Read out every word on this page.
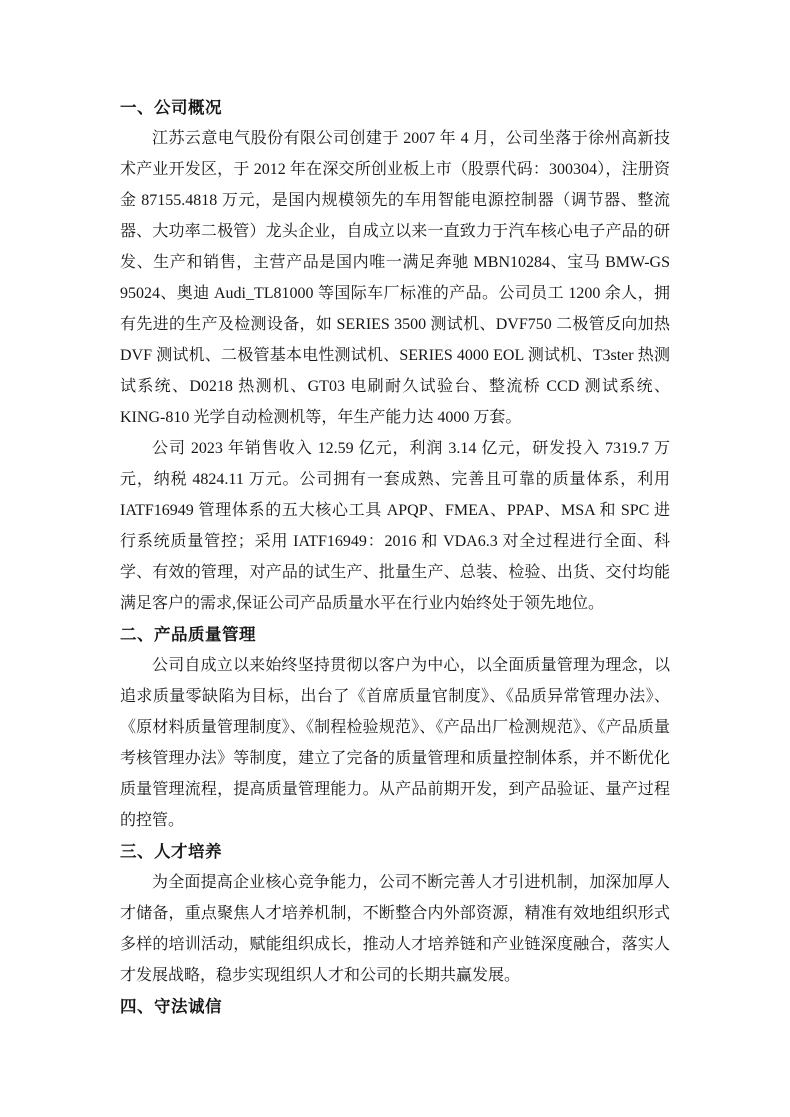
一、公司概况

江苏云意电气股份有限公司创建于 2007 年 4 月，公司坐落于徐州高新技术产业开发区，于 2012 年在深交所创业板上市（股票代码：300304），注册资金 87155.4818 万元，是国内规模领先的车用智能电源控制器（调节器、整流器、大功率二极管）龙头企业，自成立以来一直致力于汽车核心电子产品的研发、生产和销售，主营产品是国内唯一满足奔驰 MBN10284、宝马 BMW-GS 95024、奥迪 Audi_TL81000 等国际车厂标准的产品。公司员工 1200 余人，拥有先进的生产及检测设备，如 SERIES 3500 测试机、DVF750 二极管反向加热 DVF 测试机、二极管基本电性测试机、SERIES 4000 EOL 测试机、T3ster 热测试系统、D0218 热测机、GT03 电刷耐久试验台、整流桥 CCD 测试系统、KING-810 光学自动检测机等，年生产能力达 4000 万套。

公司 2023 年销售收入 12.59 亿元，利润 3.14 亿元，研发投入 7319.7 万元，纳税 4824.11 万元。公司拥有一套成熟、完善且可靠的质量体系，利用 IATF16949 管理体系的五大核心工具 APQP、FMEA、PPAP、MSA 和 SPC 进行系统质量管控；采用 IATF16949：2016 和 VDA6.3 对全过程进行全面、科学、有效的管理，对产品的试生产、批量生产、总装、检验、出货、交付均能满足客户的需求,保证公司产品质量水平在行业内始终处于领先地位。

二、产品质量管理

公司自成立以来始终坚持贯彻以客户为中心，以全面质量管理为理念，以追求质量零缺陷为目标，出台了《首席质量官制度》、《品质异常管理办法》、《原材料质量管理制度》、《制程检验规范》、《产品出厂检测规范》、《产品质量考核管理办法》等制度，建立了完备的质量管理和质量控制体系，并不断优化质量管理流程，提高质量管理能力。从产品前期开发，到产品验证、量产过程的控管。

三、人才培养

为全面提高企业核心竞争能力，公司不断完善人才引进机制，加深加厚人才储备，重点聚焦人才培养机制，不断整合内外部资源，精准有效地组织形式多样的培训活动，赋能组织成长，推动人才培养链和产业链深度融合，落实人才发展战略，稳步实现组织人才和公司的长期共赢发展。

四、守法诚信
